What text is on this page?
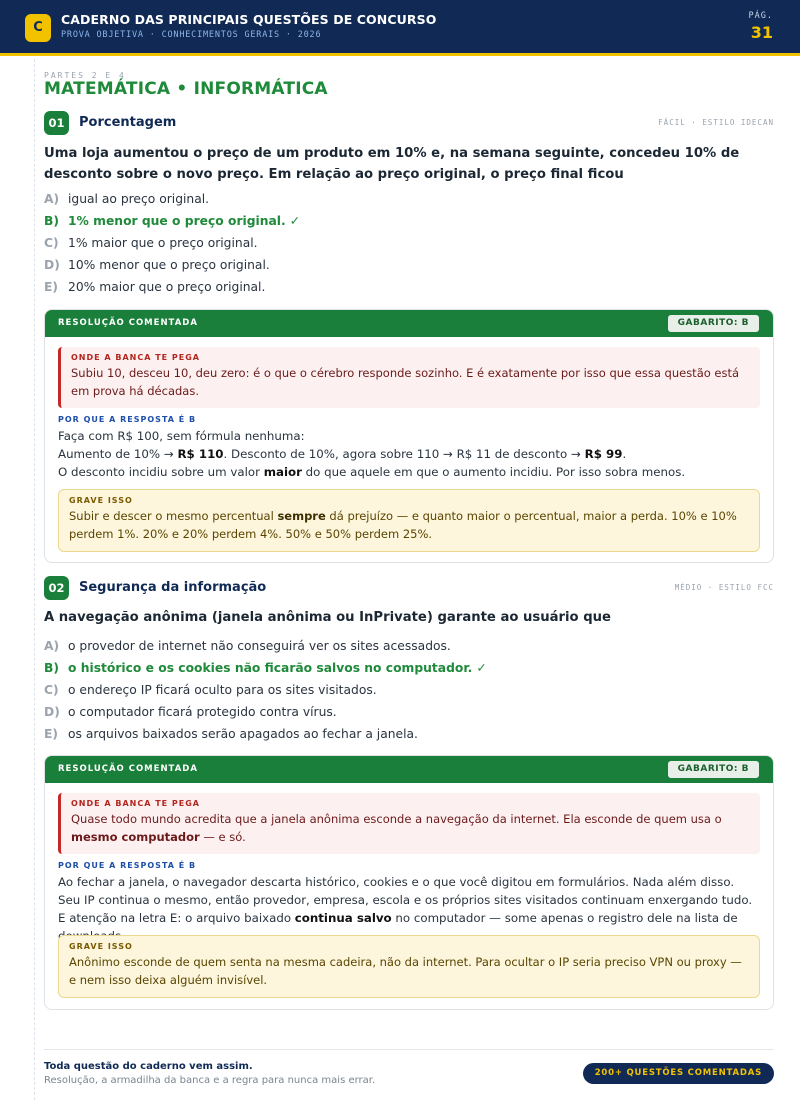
C
CADERNO DAS PRINCIPAIS QUESTÕES DE CONCURSO
PROVA OBJETIVA · CONHECIMENTOS GERAIS · 2026
PÁG.
31
PARTES 2 E 4
MATEMÁTICA • INFORMÁTICA
01	Porcentagem	FÁCIL · ESTILO IDECAN
Uma loja aumentou o preço de um produto em 10% e, na semana seguinte, concedeu 10% de desconto sobre o novo preço. Em relação ao preço original, o preço final ficou
A) igual ao preço original.
B) 1% menor que o preço original. ✓
C) 1% maior que o preço original.
D) 10% menor que o preço original.
E) 20% maior que o preço original.
RESOLUÇÃO COMENTADA	GABARITO: B
ONDE A BANCA TE PEGA
Subiu 10, desceu 10, deu zero: é o que o cérebro responde sozinho. E é exatamente por isso que essa questão está em prova há décadas.
POR QUE A RESPOSTA É B
Faça com R$ 100, sem fórmula nenhuma:
Aumento de 10% → R$ 110. Desconto de 10%, agora sobre 110 → R$ 11 de desconto → R$ 99.
O desconto incidiu sobre um valor maior do que aquele em que o aumento incidiu. Por isso sobra menos.
GRAVE ISSO
Subir e descer o mesmo percentual sempre dá prejuízo — e quanto maior o percentual, maior a perda. 10% e 10% perdem 1%. 20% e 20% perdem 4%. 50% e 50% perdem 25%.
02	Segurança da informação	MÉDIO · ESTILO FCC
A navegação anônima (janela anônima ou InPrivate) garante ao usuário que
A) o provedor de internet não conseguirá ver os sites acessados.
B) o histórico e os cookies não ficarão salvos no computador. ✓
C) o endereço IP ficará oculto para os sites visitados.
D) o computador ficará protegido contra vírus.
E) os arquivos baixados serão apagados ao fechar a janela.
RESOLUÇÃO COMENTADA	GABARITO: B
ONDE A BANCA TE PEGA
Quase todo mundo acredita que a janela anônima esconde a navegação da internet. Ela esconde de quem usa o mesmo computador — e só.
POR QUE A RESPOSTA É B
Ao fechar a janela, o navegador descarta histórico, cookies e o que você digitou em formulários. Nada além disso.
Seu IP continua o mesmo, então provedor, empresa, escola e os próprios sites visitados continuam enxergando tudo. E atenção na letra E: o arquivo baixado continua salvo no computador — some apenas o registro dele na lista de
GRAVE ISSO
Anônimo esconde de quem senta na mesma cadeira, não da internet. Para ocultar o IP seria preciso VPN ou proxy — e nem isso deixa alguém invisível.
Toda questão do caderno vem assim.
Resolução, a armadilha da banca e a regra para nunca mais errar.
200+ QUESTÕES COMENTADAS
